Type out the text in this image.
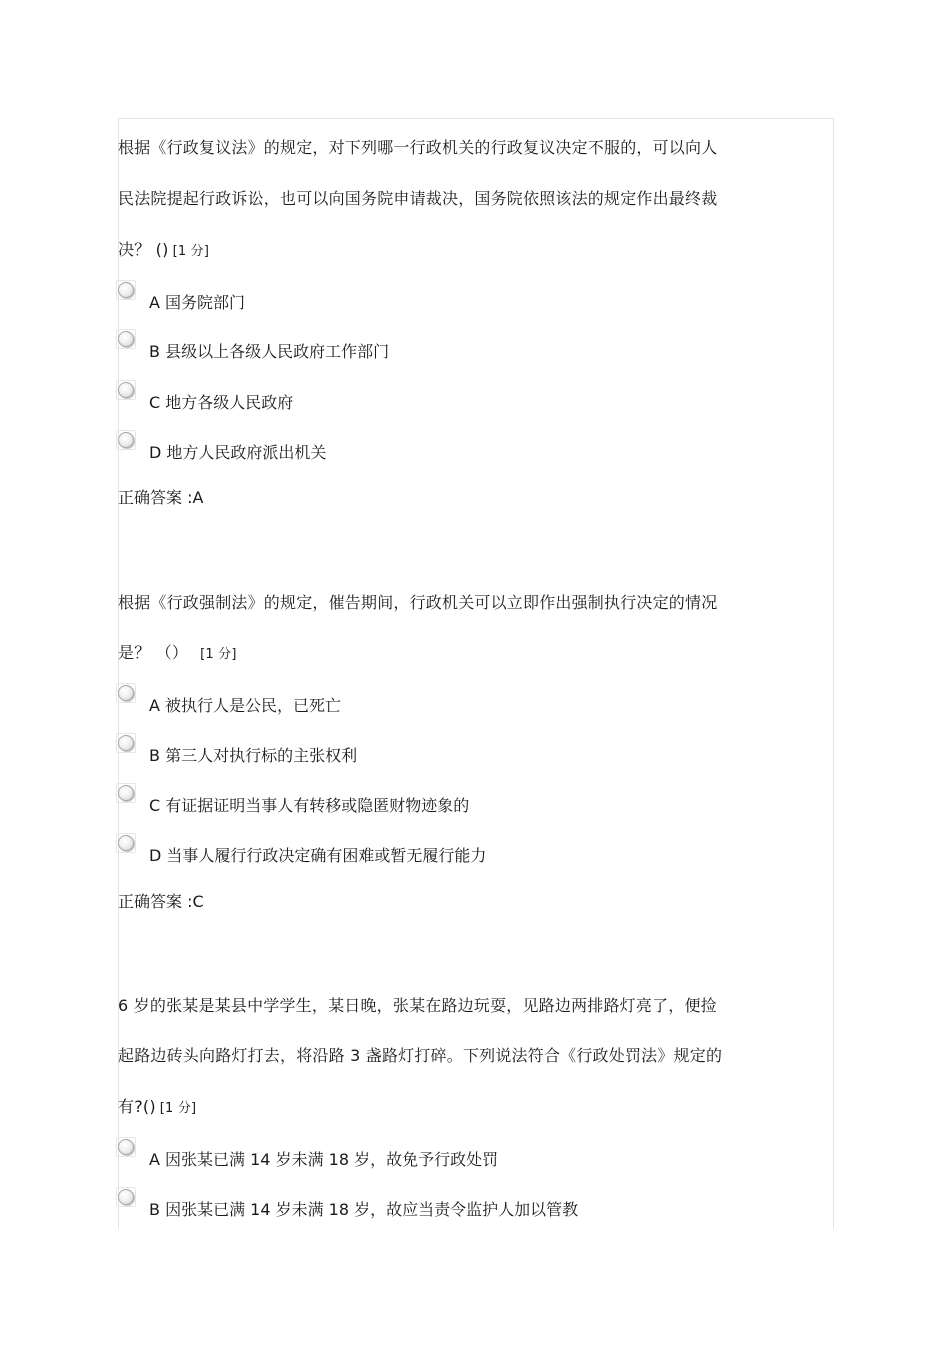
根据《行政复议法》的规定，对下列哪一行政机关的行政复议决定不服的，可以向人
民法院提起行政诉讼，也可以向国务院申请裁决，国务院依照该法的规定作出最终裁
决？ () [1 分]
A 国务院部门
B 县级以上各级人民政府工作部门
C 地方各级人民政府
D 地方人民政府派出机关
正确答案 :A
根据《行政强制法》的规定，催告期间，行政机关可以立即作出强制执行决定的情况
是？ （） [1 分]
A 被执行人是公民，已死亡
B 第三人对执行标的主张权利
C 有证据证明当事人有转移或隐匿财物迹象的
D 当事人履行行政决定确有困难或暂无履行能力
正确答案 :C
6 岁的张某是某县中学学生，某日晚，张某在路边玩耍，见路边两排路灯亮了，便捡
起路边砖头向路灯打去，将沿路 3 盏路灯打碎。下列说法符合《行政处罚法》规定的
有?() [1 分]
A 因张某已满 14 岁未满 18 岁，故免予行政处罚
B 因张某已满 14 岁未满 18 岁，故应当责令监护人加以管教
